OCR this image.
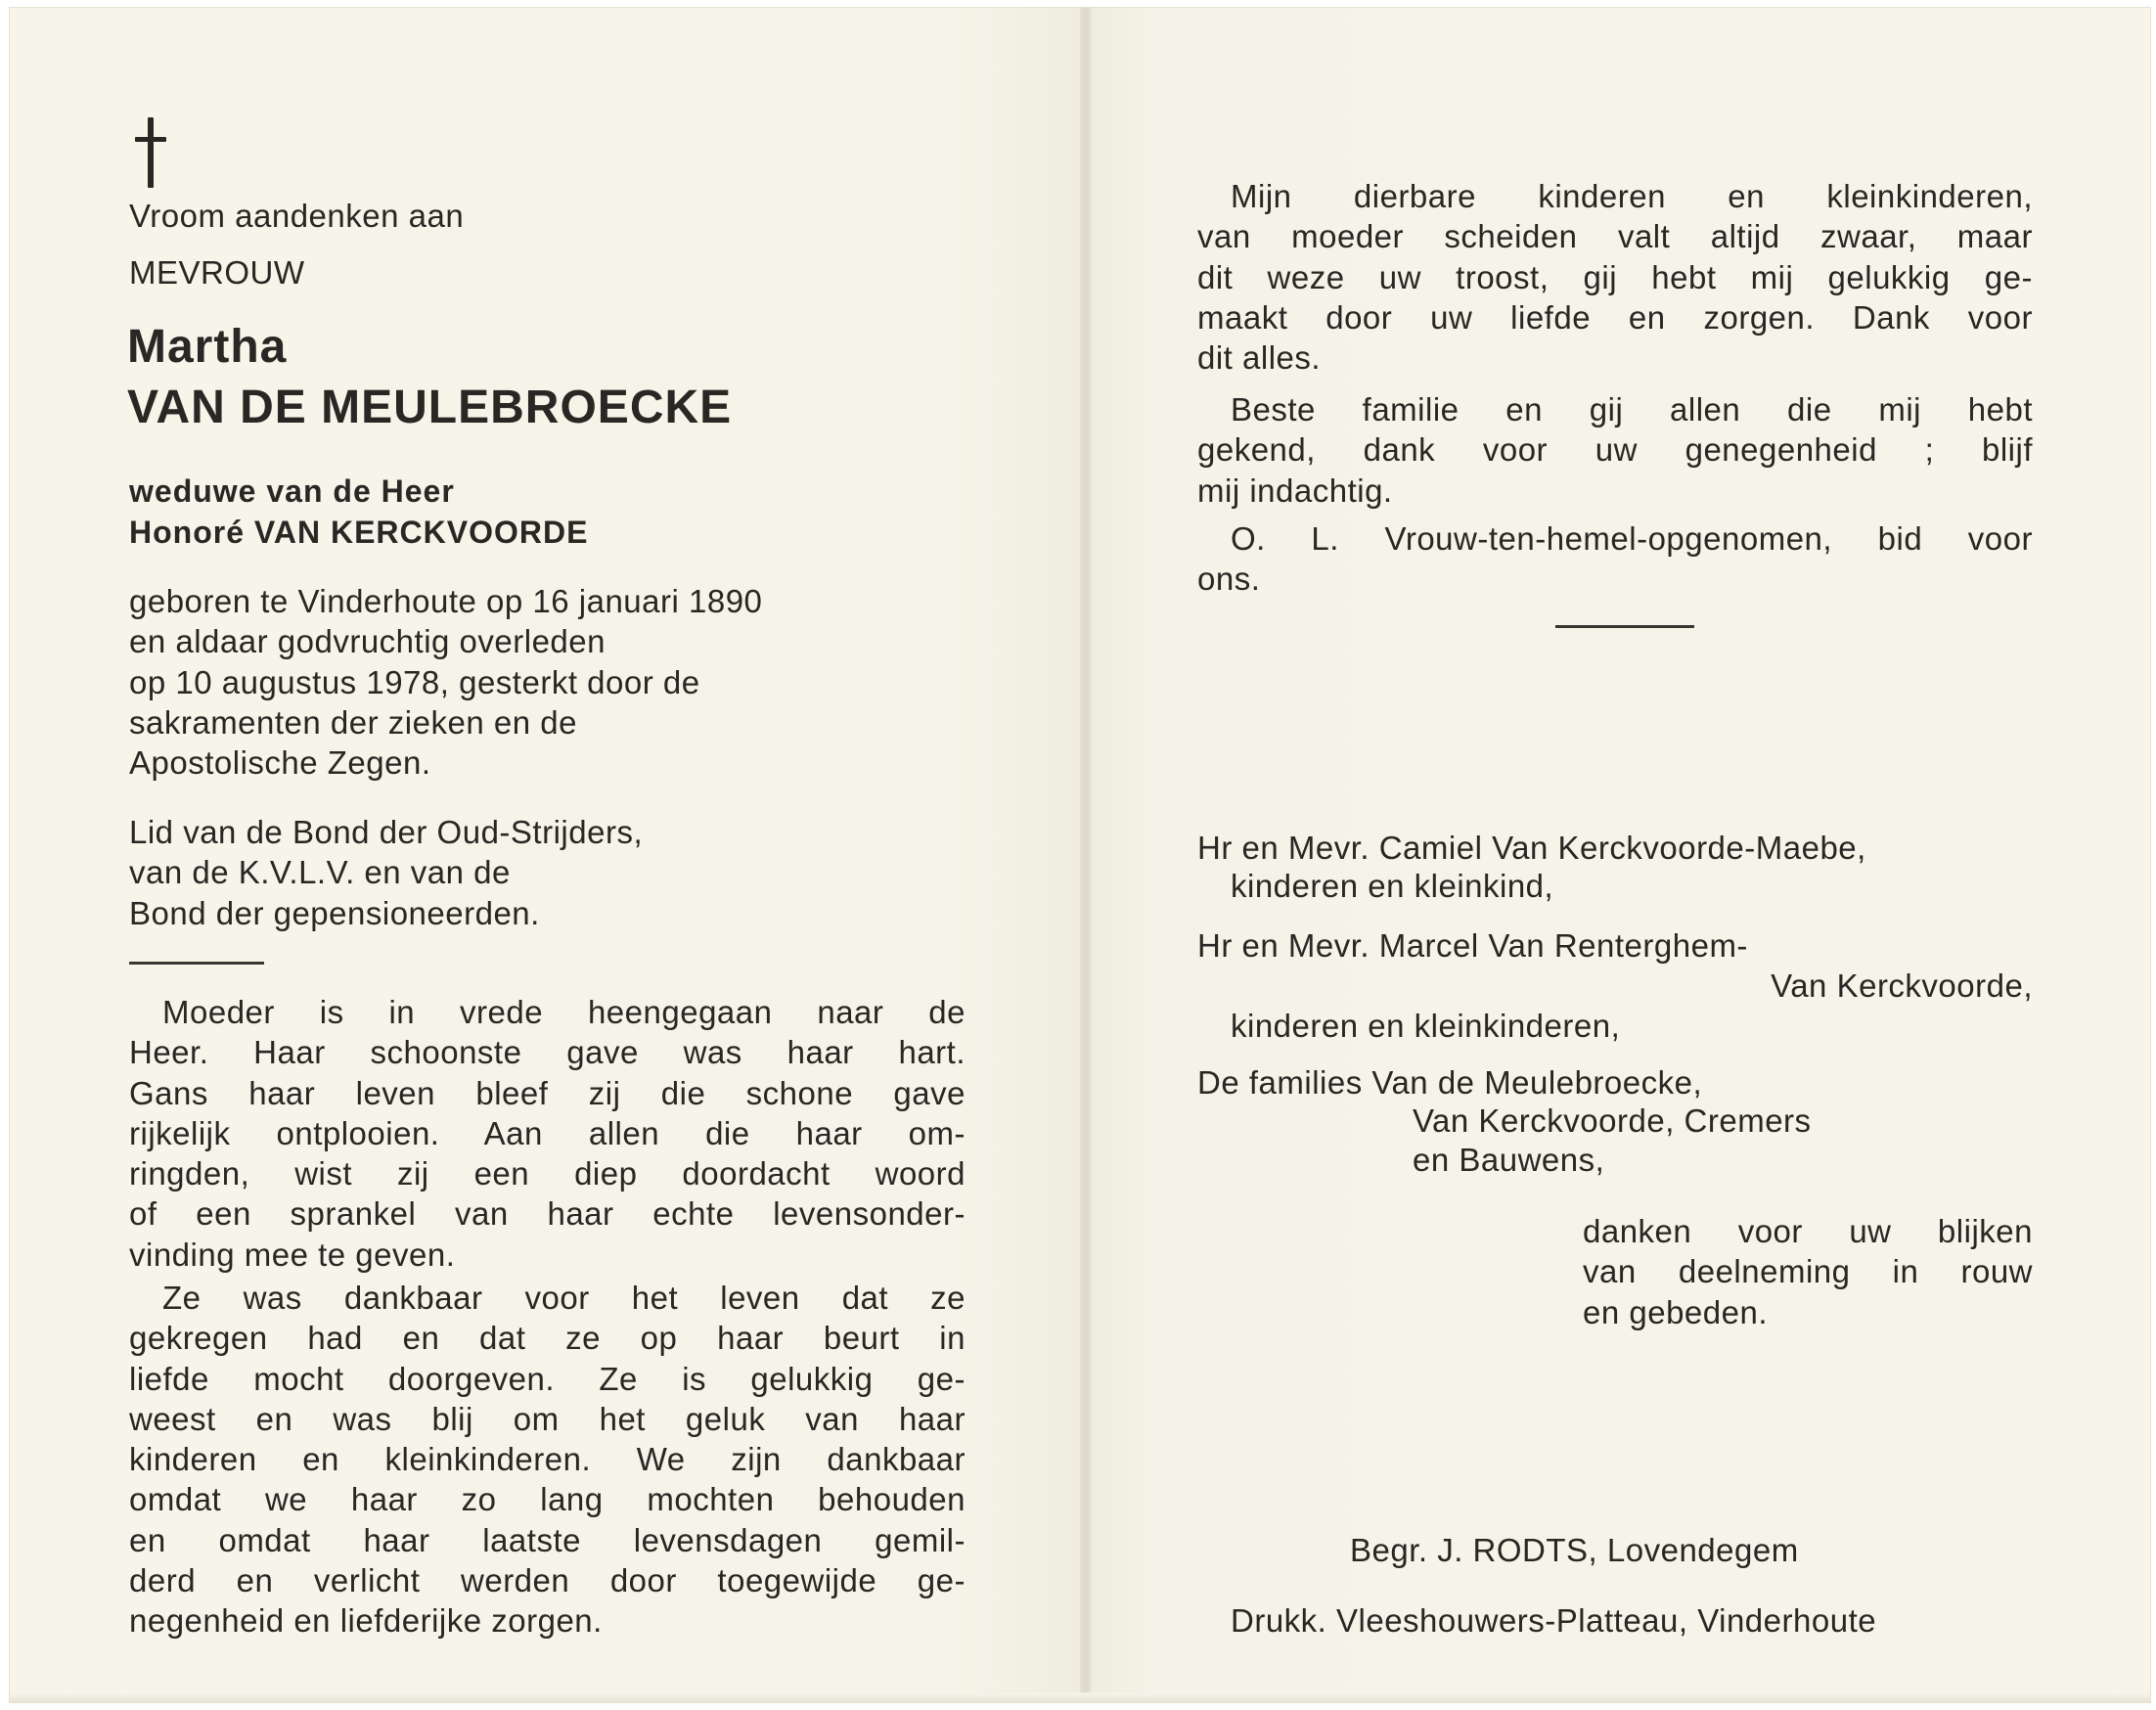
Vroom aandenken aan
MEVROUW
Martha
VAN DE MEULEBROECKE
weduwe van de Heer
Honoré VAN KERCKVOORDE
geboren te Vinderhoute op 16 januari 1890
en aldaar godvruchtig overleden
op 10 augustus 1978, gesterkt door de
sakramenten der zieken en de
Apostolische Zegen.
Lid van de Bond der Oud-Strijders,
van de K.V.L.V. en van de
Bond der gepensioneerden.
Moeder is in vrede heengegaan naar de
Heer. Haar schoonste gave was haar hart.
Gans haar leven bleef zij die schone gave
rijkelijk ontplooien. Aan allen die haar om-
ringden, wist zij een diep doordacht woord
of een sprankel van haar echte levensonder-
vinding mee te geven.
Ze was dankbaar voor het leven dat ze
gekregen had en dat ze op haar beurt in
liefde mocht doorgeven. Ze is gelukkig ge-
weest en was blij om het geluk van haar
kinderen en kleinkinderen. We zijn dankbaar
omdat we haar zo lang mochten behouden
en omdat haar laatste levensdagen gemil-
derd en verlicht werden door toegewijde ge-
negenheid en liefderijke zorgen.
Mijn dierbare kinderen en kleinkinderen,
van moeder scheiden valt altijd zwaar, maar
dit weze uw troost, gij hebt mij gelukkig ge-
maakt door uw liefde en zorgen. Dank voor
dit alles.
Beste familie en gij allen die mij hebt
gekend, dank voor uw genegenheid ; blijf
mij indachtig.
O. L. Vrouw-ten-hemel-opgenomen, bid voor
ons.
Hr en Mevr. Camiel Van Kerckvoorde-Maebe,
kinderen en kleinkind,
Hr en Mevr. Marcel Van Renterghem-
Van Kerckvoorde,
kinderen en kleinkinderen,
De families Van de Meulebroecke,
Van Kerckvoorde, Cremers
en Bauwens,
danken voor uw blijken
van deelneming in rouw
en gebeden.
Begr. J. RODTS, Lovendegem
Drukk. Vleeshouwers-Platteau, Vinderhoute
